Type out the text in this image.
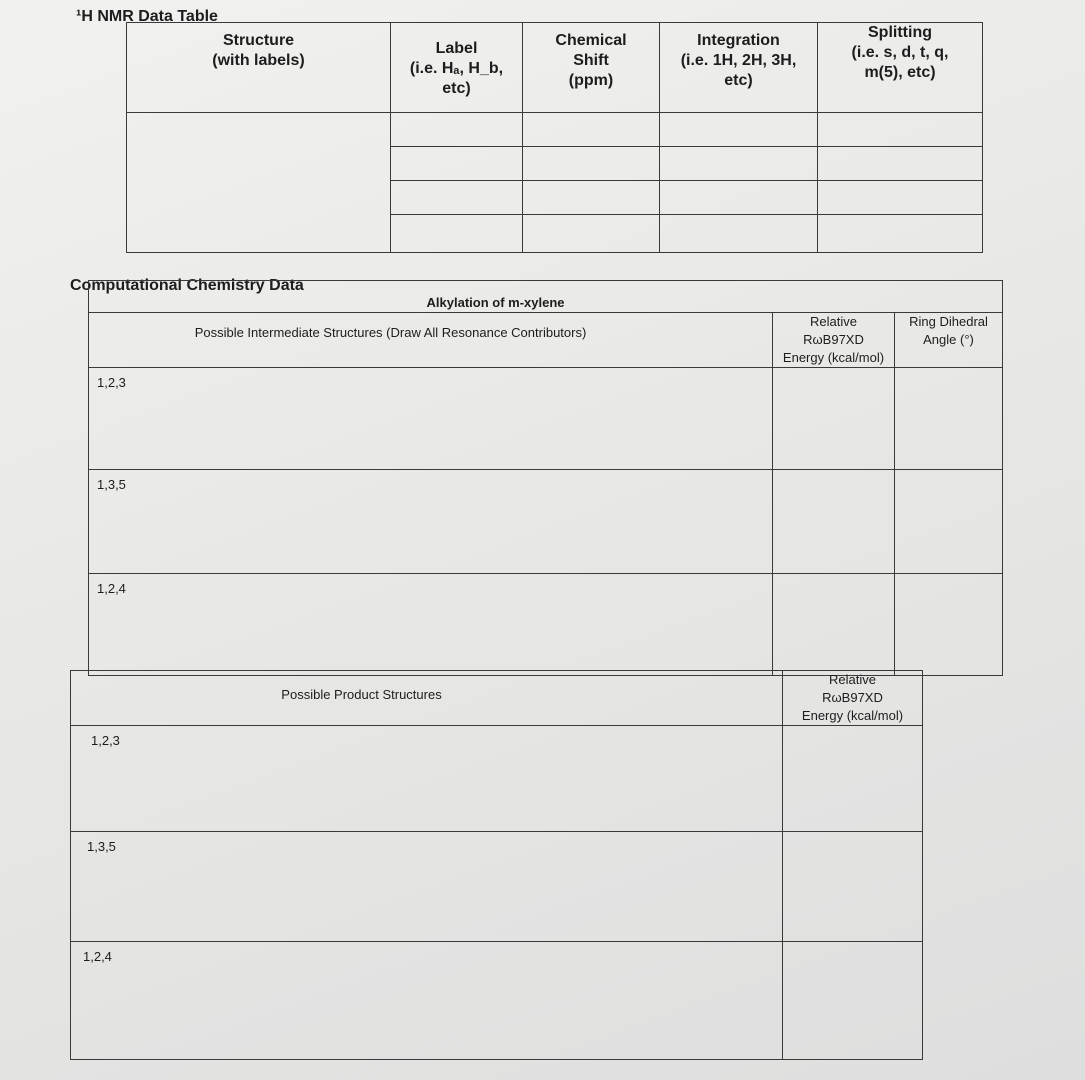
¹H NMR Data Table
Structure
(with labels)	Label
(i.e. Hₐ, H_b,
etc)	Chemical
Shift
(ppm)	Integration
(i.e. 1H, 2H, 3H,
etc)	Splitting
(i.e. s, d, t, q,
m(5), etc)

Computational Chemistry Data
Alkylation of m-xylene		
Possible Intermediate Structures (Draw All Resonance Contributors)	Relative
RωB97XD
Energy (kcal/mol)	Ring Dihedral
Angle (°)

1,2,3		
1,3,5		
1,2,4		
Possible Product Structures	Relative
RωB97XD
Energy (kcal/mol)

1,2,3	
1,3,5	
1,2,4	
